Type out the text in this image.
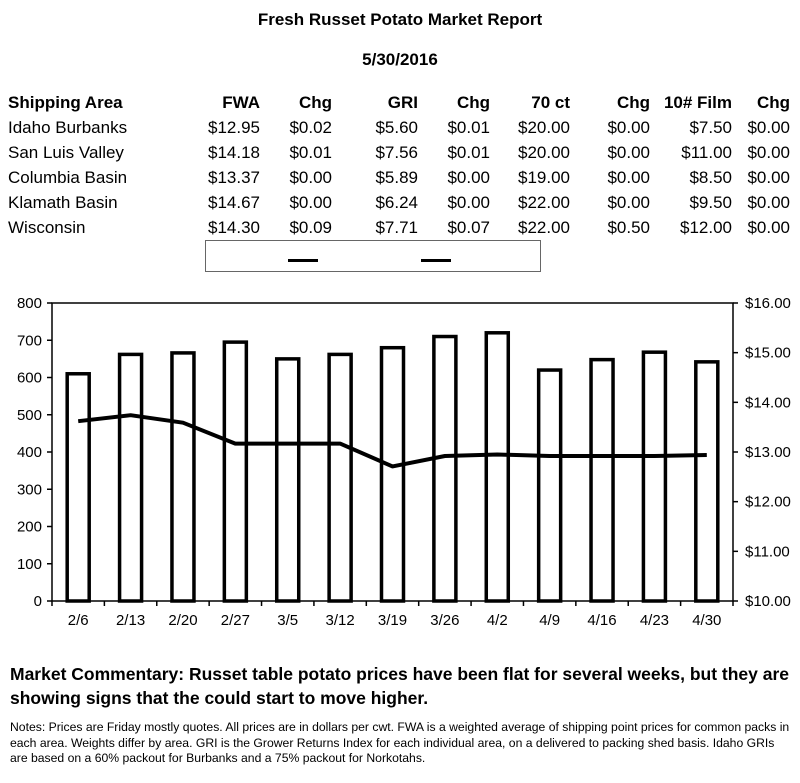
Fresh Russet Potato Market Report
5/30/2016
Shipping Area	FWA	Chg	GRI	Chg	70 ct	Chg	10# Film	Chg
Idaho Burbanks	$12.95	$0.02	$5.60	$0.01	$20.00	$0.00	$7.50	$0.00
San Luis Valley	$14.18	$0.01	$7.56	$0.01	$20.00	$0.00	$11.00	$0.00
Columbia Basin	$13.37	$0.00	$5.89	$0.00	$19.00	$0.00	$8.50	$0.00
Klamath Basin	$14.67	$0.00	$6.24	$0.00	$22.00	$0.00	$9.50	$0.00
Wisconsin	$14.30	$0.09	$7.71	$0.07	$22.00	$0.50	$12.00	$0.00
0
100
200
300
400
500
600
700
800
$10.00
$11.00
$12.00
$13.00
$14.00
$15.00
$16.00
2/6 2/13 2/20 2/27 3/5 3/12 3/19 3/26 4/2 4/9 4/16 4/23 4/30
Market Commentary: Russet table potato prices have been flat for several weeks, but they are showing signs that the could start to move higher.
Notes: Prices are Friday mostly quotes. All prices are in dollars per cwt. FWA is a weighted average of shipping point prices for common packs in each area. Weights differ by area. GRI is the Grower Returns Index for each individual area, on a delivered to packing shed basis. Idaho GRIs are based on a 60% packout for Burbanks and a 75% packout for Norkotahs.
